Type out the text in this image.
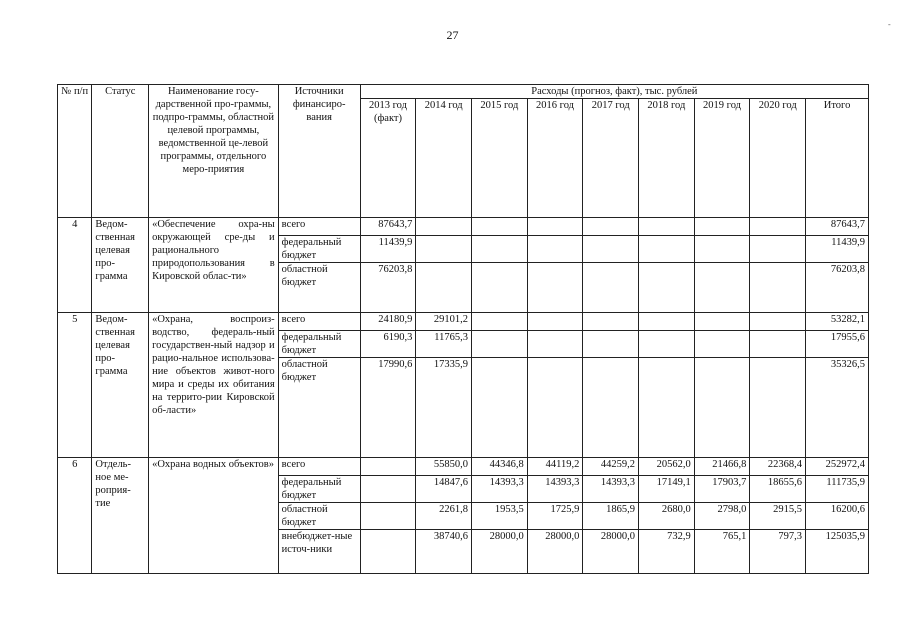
27
-
№ п/п	Статус	Наименование госу-дарственной про-граммы, подпро-граммы, областной целевой программы, ведомственной це-левой программы, отдельного меро-приятия	Источники финансиро-вания	Расходы (прогноз, факт), тыс. рублей								
				2013 год (факт)	2014 год	2015 год	2016 год	2017 год	2018 год	2019 год	2020 год	Итого
4	Ведом-ственная целевая про-грамма	«Обеспечение охра-ны окружающей сре-ды и рационального природопользования в Кировской облас-ти»	всего	87643,7								87643,7
			федеральный бюджет	11439,9								11439,9
			областной бюджет	76203,8								76203,8
5	Ведом-ственная целевая про-грамма	«Охрана, воспроиз-водство, федераль-ный государствен-ный надзор и рацио-нальное использова-ние объектов живот-ного мира и среды их обитания на террито-рии Кировской об-ласти»	всего	24180,9	29101,2							53282,1
			федеральный бюджет	6190,3	11765,3							17955,6
			областной бюджет	17990,6	17335,9							35326,5
6	Отдель-ное ме-роприя-тие	«Охрана водных объектов»	всего		55850,0	44346,8	44119,2	44259,2	20562,0	21466,8	22368,4	252972,4
			федеральный бюджет		14847,6	14393,3	14393,3	14393,3	17149,1	17903,7	18655,6	111735,9
			областной бюджет		2261,8	1953,5	1725,9	1865,9	2680,0	2798,0	2915,5	16200,6
			внебюджет-ные источ-ники		38740,6	28000,0	28000,0	28000,0	732,9	765,1	797,3	125035,9
